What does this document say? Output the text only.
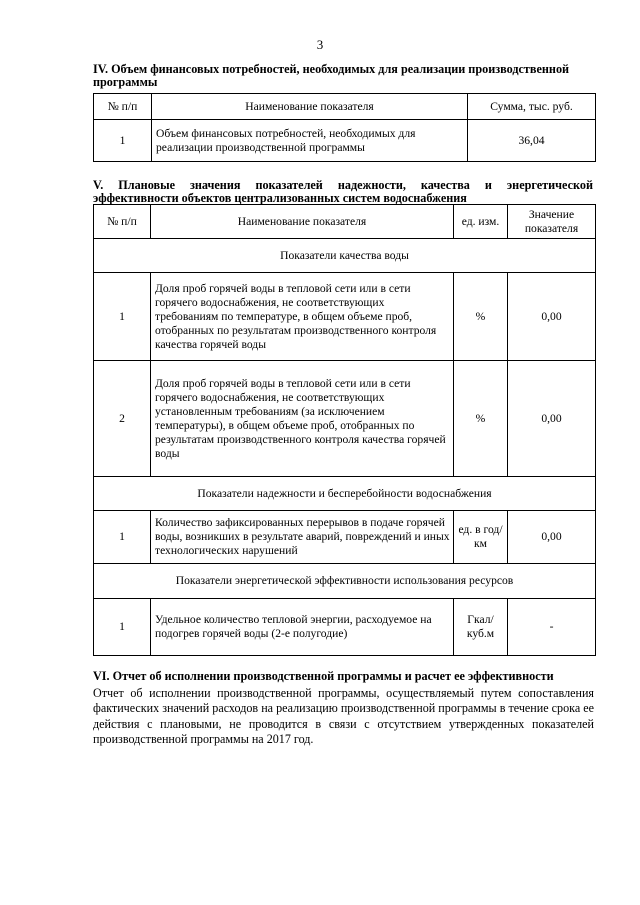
3
IV. Объем финансовых потребностей, необходимых для реализации производственной программы
№ п/п	Наименование показателя	Сумма, тыс. руб.
1	Объем финансовых потребностей, необходимых для реализации производственной программы	36,04
V. Плановые значения показателей надежности, качества и энергетической эффективности объектов централизованных систем водоснабжения
№ п/п	Наименование показателя	ед. изм.	Значение показателя
Показатели качества воды			
1	Доля проб горячей воды в тепловой сети или в сети горячего водоснабжения, не соответствующих требованиям по температуре, в общем объеме проб, отобранных по результатам производственного контроля качества горячей воды	%	0,00
2	Доля проб горячей воды в тепловой сети или в сети горячего водоснабжения, не соответствующих установленным требованиям (за исключением температуры), в общем объеме проб, отобранных по результатам производственного контроля качества горячей воды	%	0,00
Показатели надежности и бесперебойности водоснабжения			
1	Количество зафиксированных перерывов в подаче горячей воды, возникших в результате аварий, повреждений и иных технологических нарушений	ед. в год/ км	0,00
Показатели энергетической эффективности использования ресурсов			
1	Удельное количество тепловой энергии, расходуемое на подогрев горячей воды (2-е полугодие)	Гкал/куб.м	-
VI. Отчет об исполнении производственной программы и расчет ее эффективности
Отчет об исполнении производственной программы, осуществляемый путем сопоставления фактических значений расходов на реализацию производственной программы в течение срока ее действия с плановыми, не проводится в связи с отсутствием утвержденных показателей производственной программы на 2017 год.
